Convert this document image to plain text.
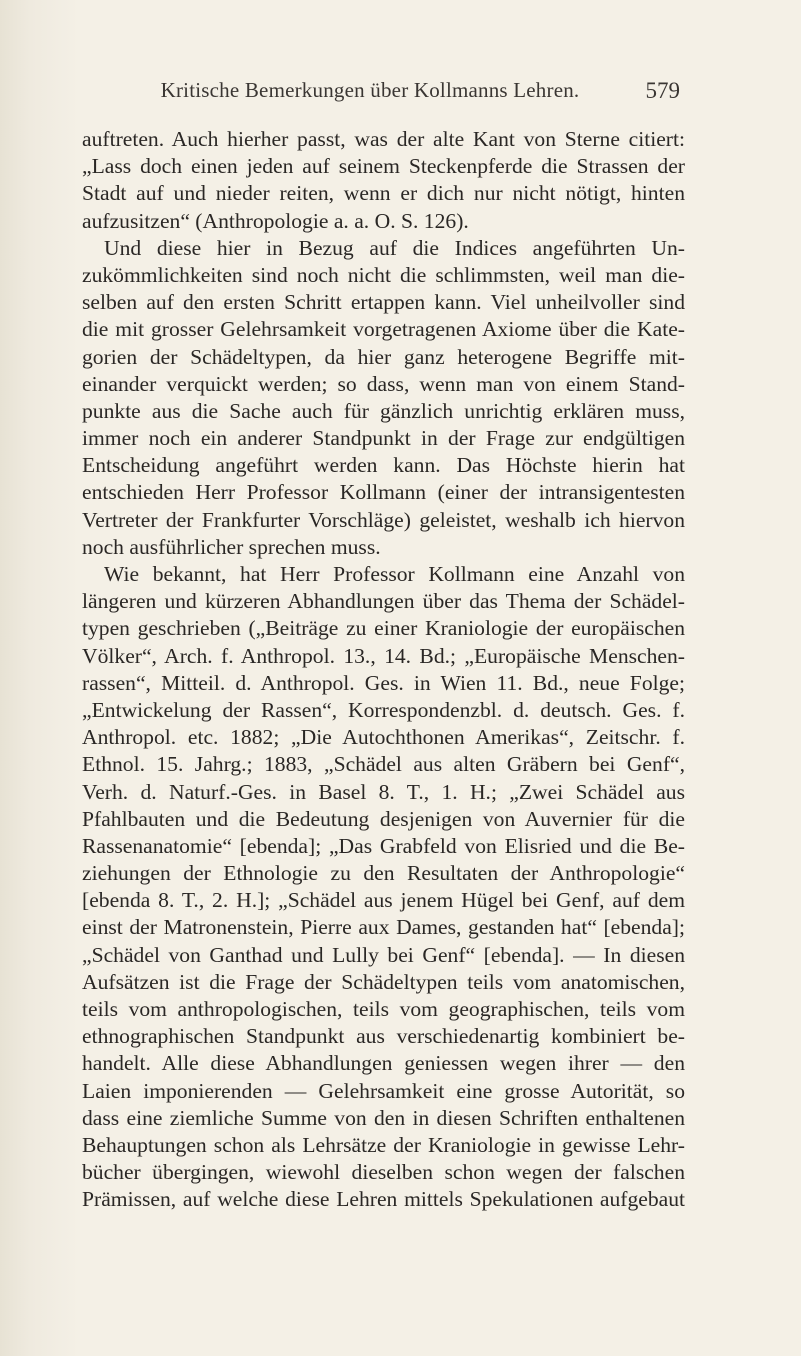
Kritische Bemerkungen über Kollmanns Lehren.	579
auftreten. Auch hierher passt, was der alte Kant von Sterne citiert:
„Lass doch einen jeden auf seinem Steckenpferde die Strassen der
Stadt auf und nieder reiten, wenn er dich nur nicht nötigt, hinten
aufzusitzen“ (Anthropologie a. a. O. S. 126).
Und diese hier in Bezug auf die Indices angeführten Un-
zukömmlichkeiten sind noch nicht die schlimmsten, weil man die-
selben auf den ersten Schritt ertappen kann. Viel unheilvoller sind
die mit grosser Gelehrsamkeit vorgetragenen Axiome über die Kate-
gorien der Schädeltypen, da hier ganz heterogene Begriffe mit-
einander verquickt werden; so dass, wenn man von einem Stand-
punkte aus die Sache auch für gänzlich unrichtig erklären muss,
immer noch ein anderer Standpunkt in der Frage zur endgültigen
Entscheidung angeführt werden kann. Das Höchste hierin hat
entschieden Herr Professor Kollmann (einer der intransigentesten
Vertreter der Frankfurter Vorschläge) geleistet, weshalb ich hiervon
noch ausführlicher sprechen muss.
Wie bekannt, hat Herr Professor Kollmann eine Anzahl von
längeren und kürzeren Abhandlungen über das Thema der Schädel-
typen geschrieben („Beiträge zu einer Kraniologie der europäischen
Völker“, Arch. f. Anthropol. 13., 14. Bd.; „Europäische Menschen-
rassen“, Mitteil. d. Anthropol. Ges. in Wien 11. Bd., neue Folge;
„Entwickelung der Rassen“, Korrespondenzbl. d. deutsch. Ges. f.
Anthropol. etc. 1882; „Die Autochthonen Amerikas“, Zeitschr. f.
Ethnol. 15. Jahrg.; 1883, „Schädel aus alten Gräbern bei Genf“,
Verh. d. Naturf.-Ges. in Basel 8. T., 1. H.; „Zwei Schädel aus
Pfahlbauten und die Bedeutung desjenigen von Auvernier für die
Rassenanatomie“ [ebenda]; „Das Grabfeld von Elisried und die Be-
ziehungen der Ethnologie zu den Resultaten der Anthropologie“
[ebenda 8. T., 2. H.]; „Schädel aus jenem Hügel bei Genf, auf dem
einst der Matronenstein, Pierre aux Dames, gestanden hat“ [ebenda];
„Schädel von Ganthad und Lully bei Genf“ [ebenda]. — In diesen
Aufsätzen ist die Frage der Schädeltypen teils vom anatomischen,
teils vom anthropologischen, teils vom geographischen, teils vom
ethnographischen Standpunkt aus verschiedenartig kombiniert be-
handelt. Alle diese Abhandlungen geniessen wegen ihrer — den
Laien imponierenden — Gelehrsamkeit eine grosse Autorität, so
dass eine ziemliche Summe von den in diesen Schriften enthaltenen
Behauptungen schon als Lehrsätze der Kraniologie in gewisse Lehr-
bücher übergingen, wiewohl dieselben schon wegen der falschen
Prämissen, auf welche diese Lehren mittels Spekulationen aufgebaut
